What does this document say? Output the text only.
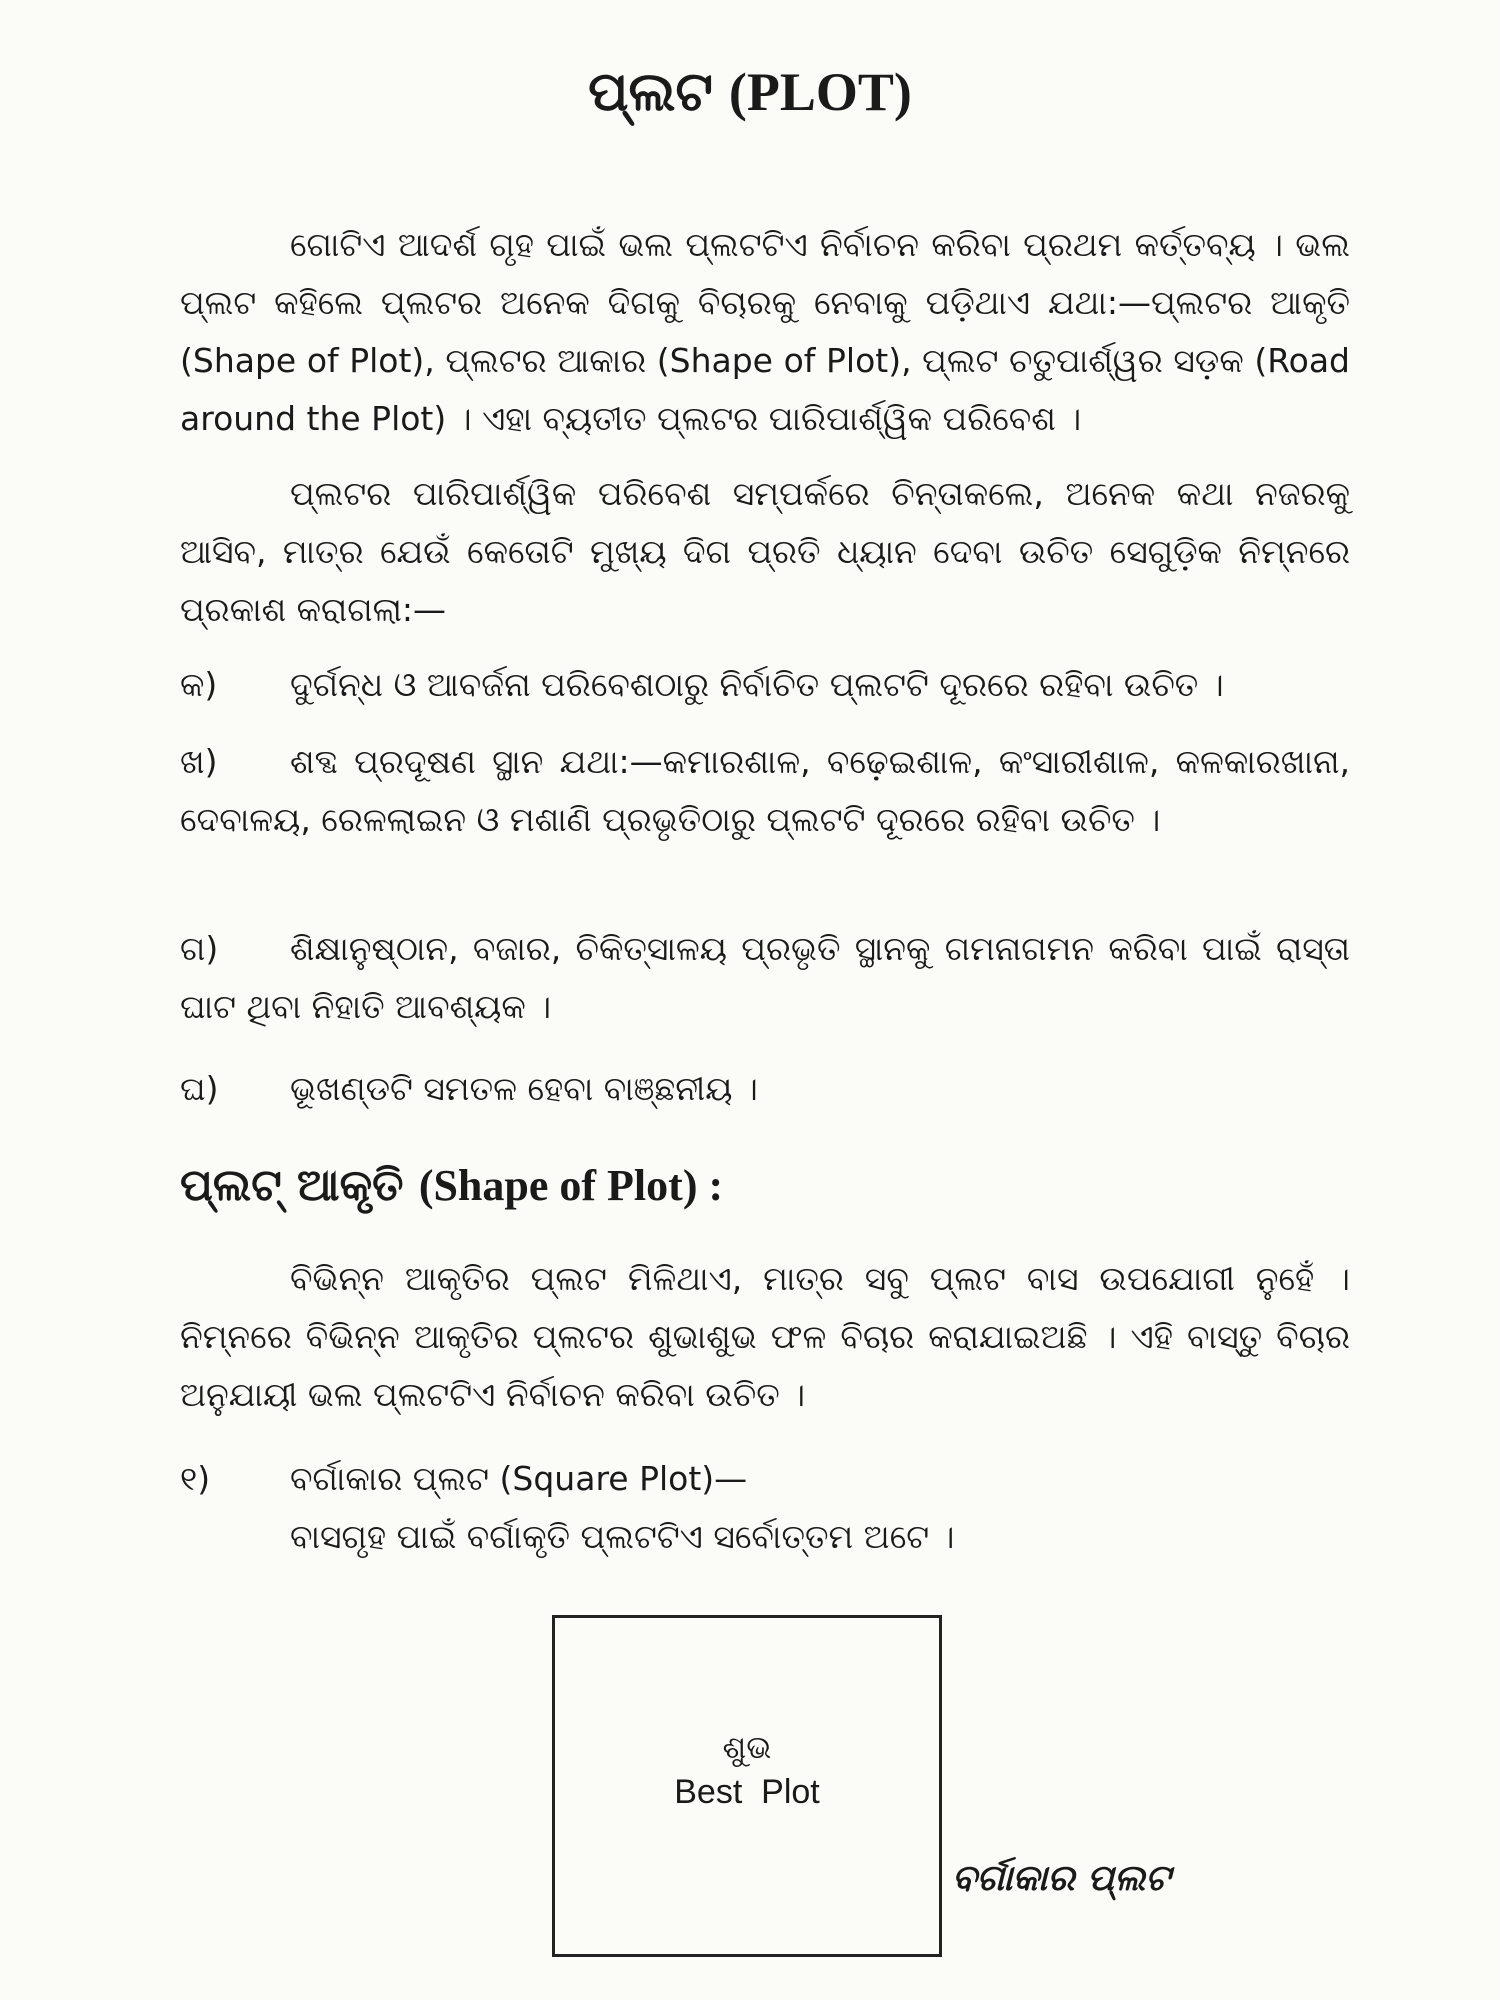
ପ୍ଲଟ (PLOT)
ଗୋଟିଏ ଆଦର୍ଶ ଗୃହ ପାଇଁ ଭଲ ପ୍ଲଟଟିଏ ନିର୍ବାଚନ କରିବା ପ୍ରଥମ କର୍ତ୍ତବ୍ୟ । ଭଲ ପ୍ଲଟ କହିଲେ ପ୍ଲଟର ଅନେକ ଦିଗକୁ ବିଚାରକୁ ନେବାକୁ ପଡ଼ିଥାଏ ଯଥା:—ପ୍ଲଟର ଆକୃତି (Shape of Plot), ପ୍ଲଟର ଆକାର (Shape of Plot), ପ୍ଲଟ ଚତୁପାର୍ଶ୍ୱର ସଡ଼କ (Road around the Plot) । ଏହା ବ୍ୟତୀତ ପ୍ଲଟର ପାରିପାର୍ଶ୍ୱିକ ପରିବେଶ ।
ପ୍ଲଟର ପାରିପାର୍ଶ୍ୱିକ ପରିବେଶ ସମ୍ପର୍କରେ ଚିନ୍ତାକଲେ, ଅନେକ କଥା ନଜରକୁ ଆସିବ, ମାତ୍ର ଯେଉଁ କେତୋଟି ମୁଖ୍ୟ ଦିଗ ପ୍ରତି ଧ୍ୟାନ ଦେବା ଉଚିତ ସେଗୁଡ଼ିକ ନିମ୍ନରେ ପ୍ରକାଶ କରାଗଲା:—
କ)	ଦୁର୍ଗନ୍ଧ ଓ ଆବର୍ଜନା ପରିବେଶଠାରୁ ନିର୍ବାଚିତ ପ୍ଲଟଟି ଦୂରରେ ରହିବା ଉଚିତ ।
ଖ) ଶବ୍ଦ ପ୍ରଦୂଷଣ ସ୍ଥାନ ଯଥା:—କମାରଶାଳ, ବଢ଼େଇଶାଳ, କଂସାରୀଶାଳ, କଳକାରଖାନା, ଦେବାଳୟ, ରେଳଲାଇନ ଓ ମଶାଣି ପ୍ରଭୃତିଠାରୁ ପ୍ଲଟଟି ଦୂରରେ ରହିବା ଉଚିତ ।
ଗ) ଶିକ୍ଷାନୁଷ୍ଠାନ, ବଜାର, ଚିକିତ୍ସାଳୟ ପ୍ରଭୃତି ସ୍ଥାନକୁ ଗମନାଗମନ କରିବା ପାଇଁ ରାସ୍ତା ଘାଟ ଥିବା ନିହାତି ଆବଶ୍ୟକ ।
ଘ)	ଭୂଖଣ୍ଡଟି ସମତଳ ହେବା ବାଞ୍ଛନୀୟ ।
ପ୍ଲଟ୍ ଆକୃତି (Shape of Plot) :
ବିଭିନ୍ନ ଆକୃତିର ପ୍ଲଟ ମିଳିଥାଏ, ମାତ୍ର ସବୁ ପ୍ଲଟ ବାସ ଉପଯୋଗୀ ନୁହେଁ । ନିମ୍ନରେ ବିଭିନ୍ନ ଆକୃତିର ପ୍ଲଟର ଶୁଭାଶୁଭ ଫଳ ବିଚାର କରାଯାଇଅଛି । ଏହି ବାସ୍ତୁ ବିଚାର ଅନୁଯାୟୀ ଭଲ ପ୍ଲଟଟିଏ ନିର୍ବାଚନ କରିବା ଉଚିତ ।
୧)	ବର୍ଗାକାର ପ୍ଲଟ (Square Plot)—
ବାସଗୃହ ପାଇଁ ବର୍ଗାକୃତି ପ୍ଲଟଟିଏ ସର୍ବୋତ୍ତମ ଅଟେ ।
ଶୁଭ
Best  Plot
ବର୍ଗାକାର ପ୍ଲଟ
